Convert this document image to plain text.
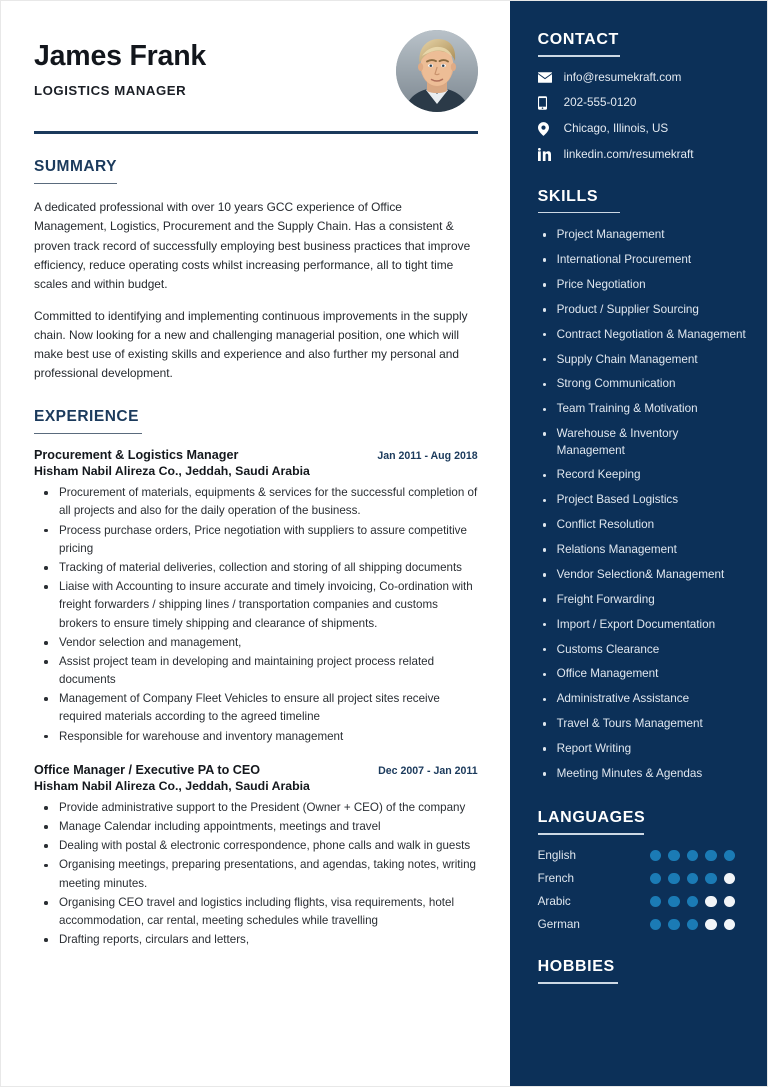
James Frank
LOGISTICS MANAGER
SUMMARY

A dedicated professional with over 10 years GCC experience of Office Management, Logistics, Procurement and the Supply Chain. Has a consistent & proven track record of successfully employing best business practices that improve efficiency, reduce operating costs whilst increasing performance, all to tight time scales and within budget.

Committed to identifying and implementing continuous improvements in the supply chain. Now looking for a new and challenging managerial position, one which will make best use of existing skills and experience and also further my personal and professional development.

EXPERIENCE
Procurement & Logistics Manager	Jan 2011 - Aug 2018
Hisham Nabil Alireza Co., Jeddah, Saudi Arabia
Procurement of materials, equipments & services for the successful completion of all projects and also for the daily operation of the business.
Process purchase orders, Price negotiation with suppliers to assure competitive pricing
Tracking of material deliveries, collection and storing of all shipping documents
Liaise with Accounting to insure accurate and timely invoicing, Co-ordination with freight forwarders / shipping lines / transportation companies and customs brokers to ensure timely shipping and clearance of shipments.
Vendor selection and management,
Assist project team in developing and maintaining project process related documents
Management of Company Fleet Vehicles to ensure all project sites receive required materials according to the agreed timeline
Responsible for warehouse and inventory management
Office Manager / Executive PA to CEO	Dec 2007 - Jan 2011
Hisham Nabil Alireza Co., Jeddah, Saudi Arabia
Provide administrative support to the President (Owner + CEO) of the company
Manage Calendar including appointments, meetings and travel
Dealing with postal & electronic correspondence, phone calls and walk in guests
Organising meetings, preparing presentations, and agendas, taking notes, writing meeting minutes.
Organising CEO travel and logistics including flights, visa requirements, hotel accommodation, car rental, meeting schedules while travelling
Drafting reports, circulars and letters,
CONTACT
info@resumekraft.com
202-555-0120
Chicago, Illinois, US
linkedin.com/resumekraft
SKILLS
Project Management
International Procurement
Price Negotiation
Product / Supplier Sourcing
Contract Negotiation & Management
Supply Chain Management
Strong Communication
Team Training & Motivation
Warehouse & Inventory Management
Record Keeping
Project Based Logistics
Conflict Resolution
Relations Management
Vendor Selection& Management
Freight Forwarding
Import / Export Documentation
Customs Clearance
Office Management
Administrative Assistance
Travel & Tours Management
Report Writing
Meeting Minutes & Agendas
LANGUAGES
English
French
Arabic
German
HOBBIES
